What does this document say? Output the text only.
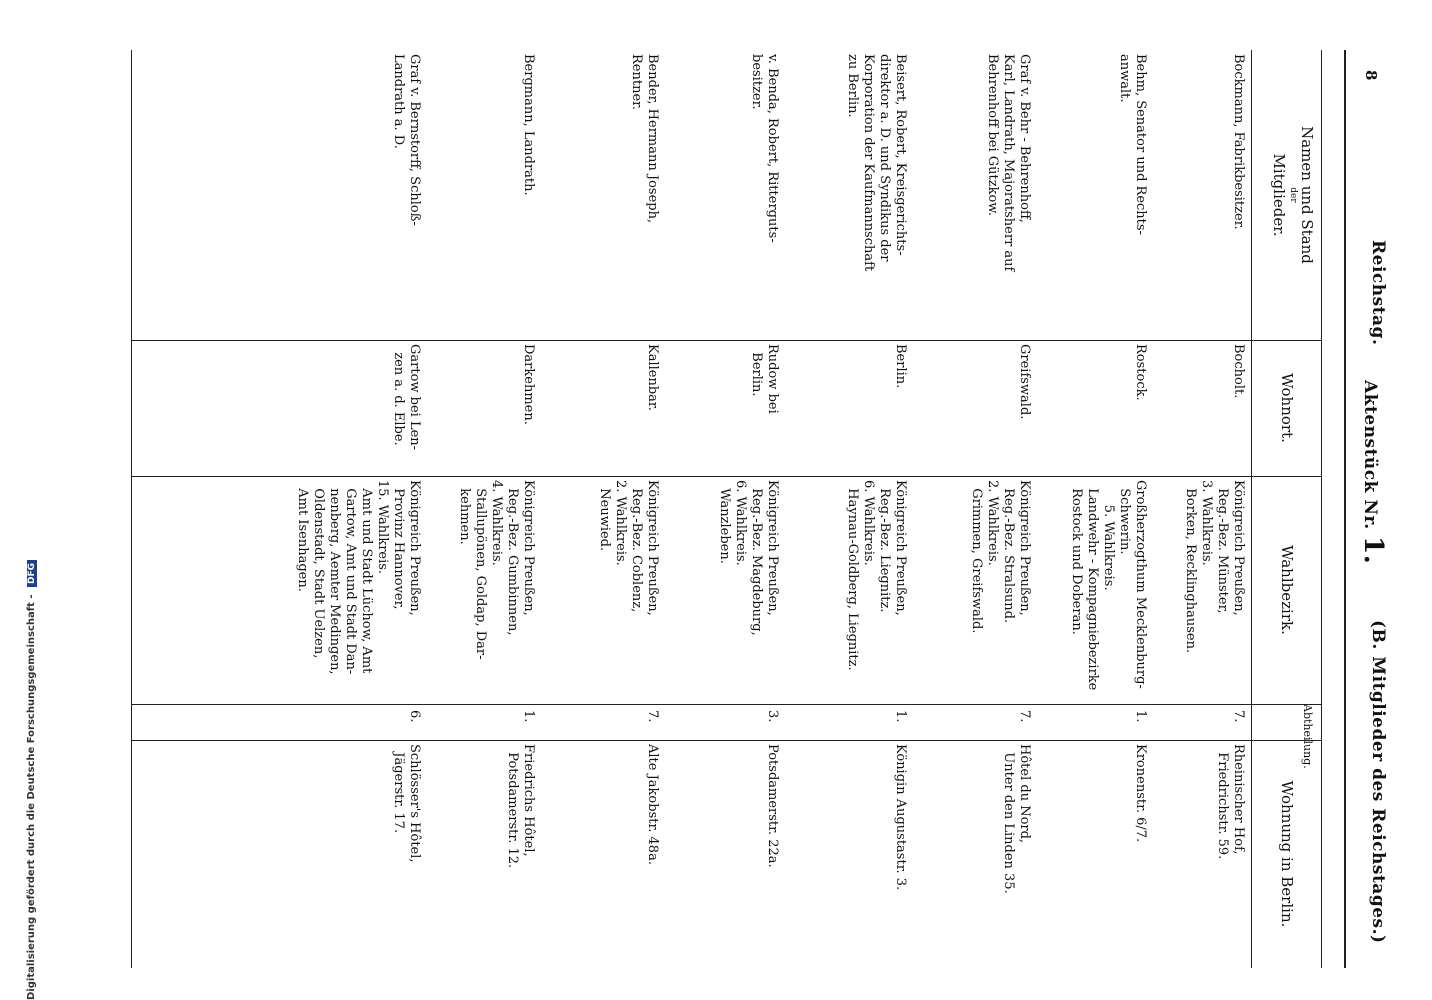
8
Reichstag.
Aktenstück Nr. 1.
(B. Mitglieder des Reichstages.)
Namen und Stand
der
Mitglieder.
Wohnort.
Wahlbezirk.
Abtheilung.
Wohnung in Berlin.
Bockmann, Fabrikbesitzer.
Bocholt.
Königreich Preußen,
Reg.-Bez. Münster,
3. Wahlkreis.
Borken, Recklinghausen.
7.
Rheinischer Hof,
Friedrichstr. 59.
Behm, Senator und Rechts-
anwalt.
Rostock.
Großherzogthum Mecklenburg-
Schwerin.
5. Wahlkreis.
Landwehr - Kompagniebezirke
Rostock und Doberan.
1.
Kronenstr. 6/7.
Graf v. Behr - Behrenhoff,
Karl, Landrath, Majoratsherr auf
Behrenhoff bei Gützkow.
Greifswald.
Königreich Preußen,
Reg.-Bez. Stralsund.
2. Wahlkreis.
Grimmen, Greifswald.
7.
Hôtel du Nord,
Unter den Linden 35.
Beisert, Robert, Kreisgerichts-
direktor a. D. und Syndikus der
Korporation der Kaufmannschaft
zu Berlin.
Berlin.
Königreich Preußen,
Reg.-Bez. Liegnitz.
6. Wahlkreis.
Haynau-Goldberg, Liegnitz.
1.
Königin Augustastr. 3.
v. Benda, Robert, Ritterguts-
besitzer.
Rudow bei
Berlin.
Königreich Preußen,
Reg.-Bez. Magdeburg,
6. Wahlkreis.
Wanzleben.
3.
Potsdamerstr. 22a.
Bender, Hermann Joseph,
Rentner.
Kallenbar.
Königreich Preußen,
Reg.-Bez. Coblenz,
2. Wahlkreis.
Neuwied.
7.
Alte Jakobstr. 48a.
Bergmann, Landrath.
Darkehmen.
Königreich Preußen,
Reg.-Bez. Gumbinnen,
4. Wahlkreis.
Stallupönen, Goldap, Dar-
kehmen.
1.
Friedrichs Hôtel,
Potsdamerstr. 12.
Graf v. Bernstorff, Schloß-
Landrath a. D.
Gartow bei Len-
zen a. d. Elbe.
Königreich Preußen,
Provinz Hannover,
15. Wahlkreis.
Amt und Stadt Lüchow, Amt
Gartow, Amt und Stadt Dan-
nenberg, Aemter Medingen,
Oldenstadt, Stadt Uelzen,
Amt Isenhagen.
6.
Schlösser's Hôtel,
Jägerstr. 17.
Digitalisierung gefördert durch die Deutsche Forschungsgemeinschaft - DFG
